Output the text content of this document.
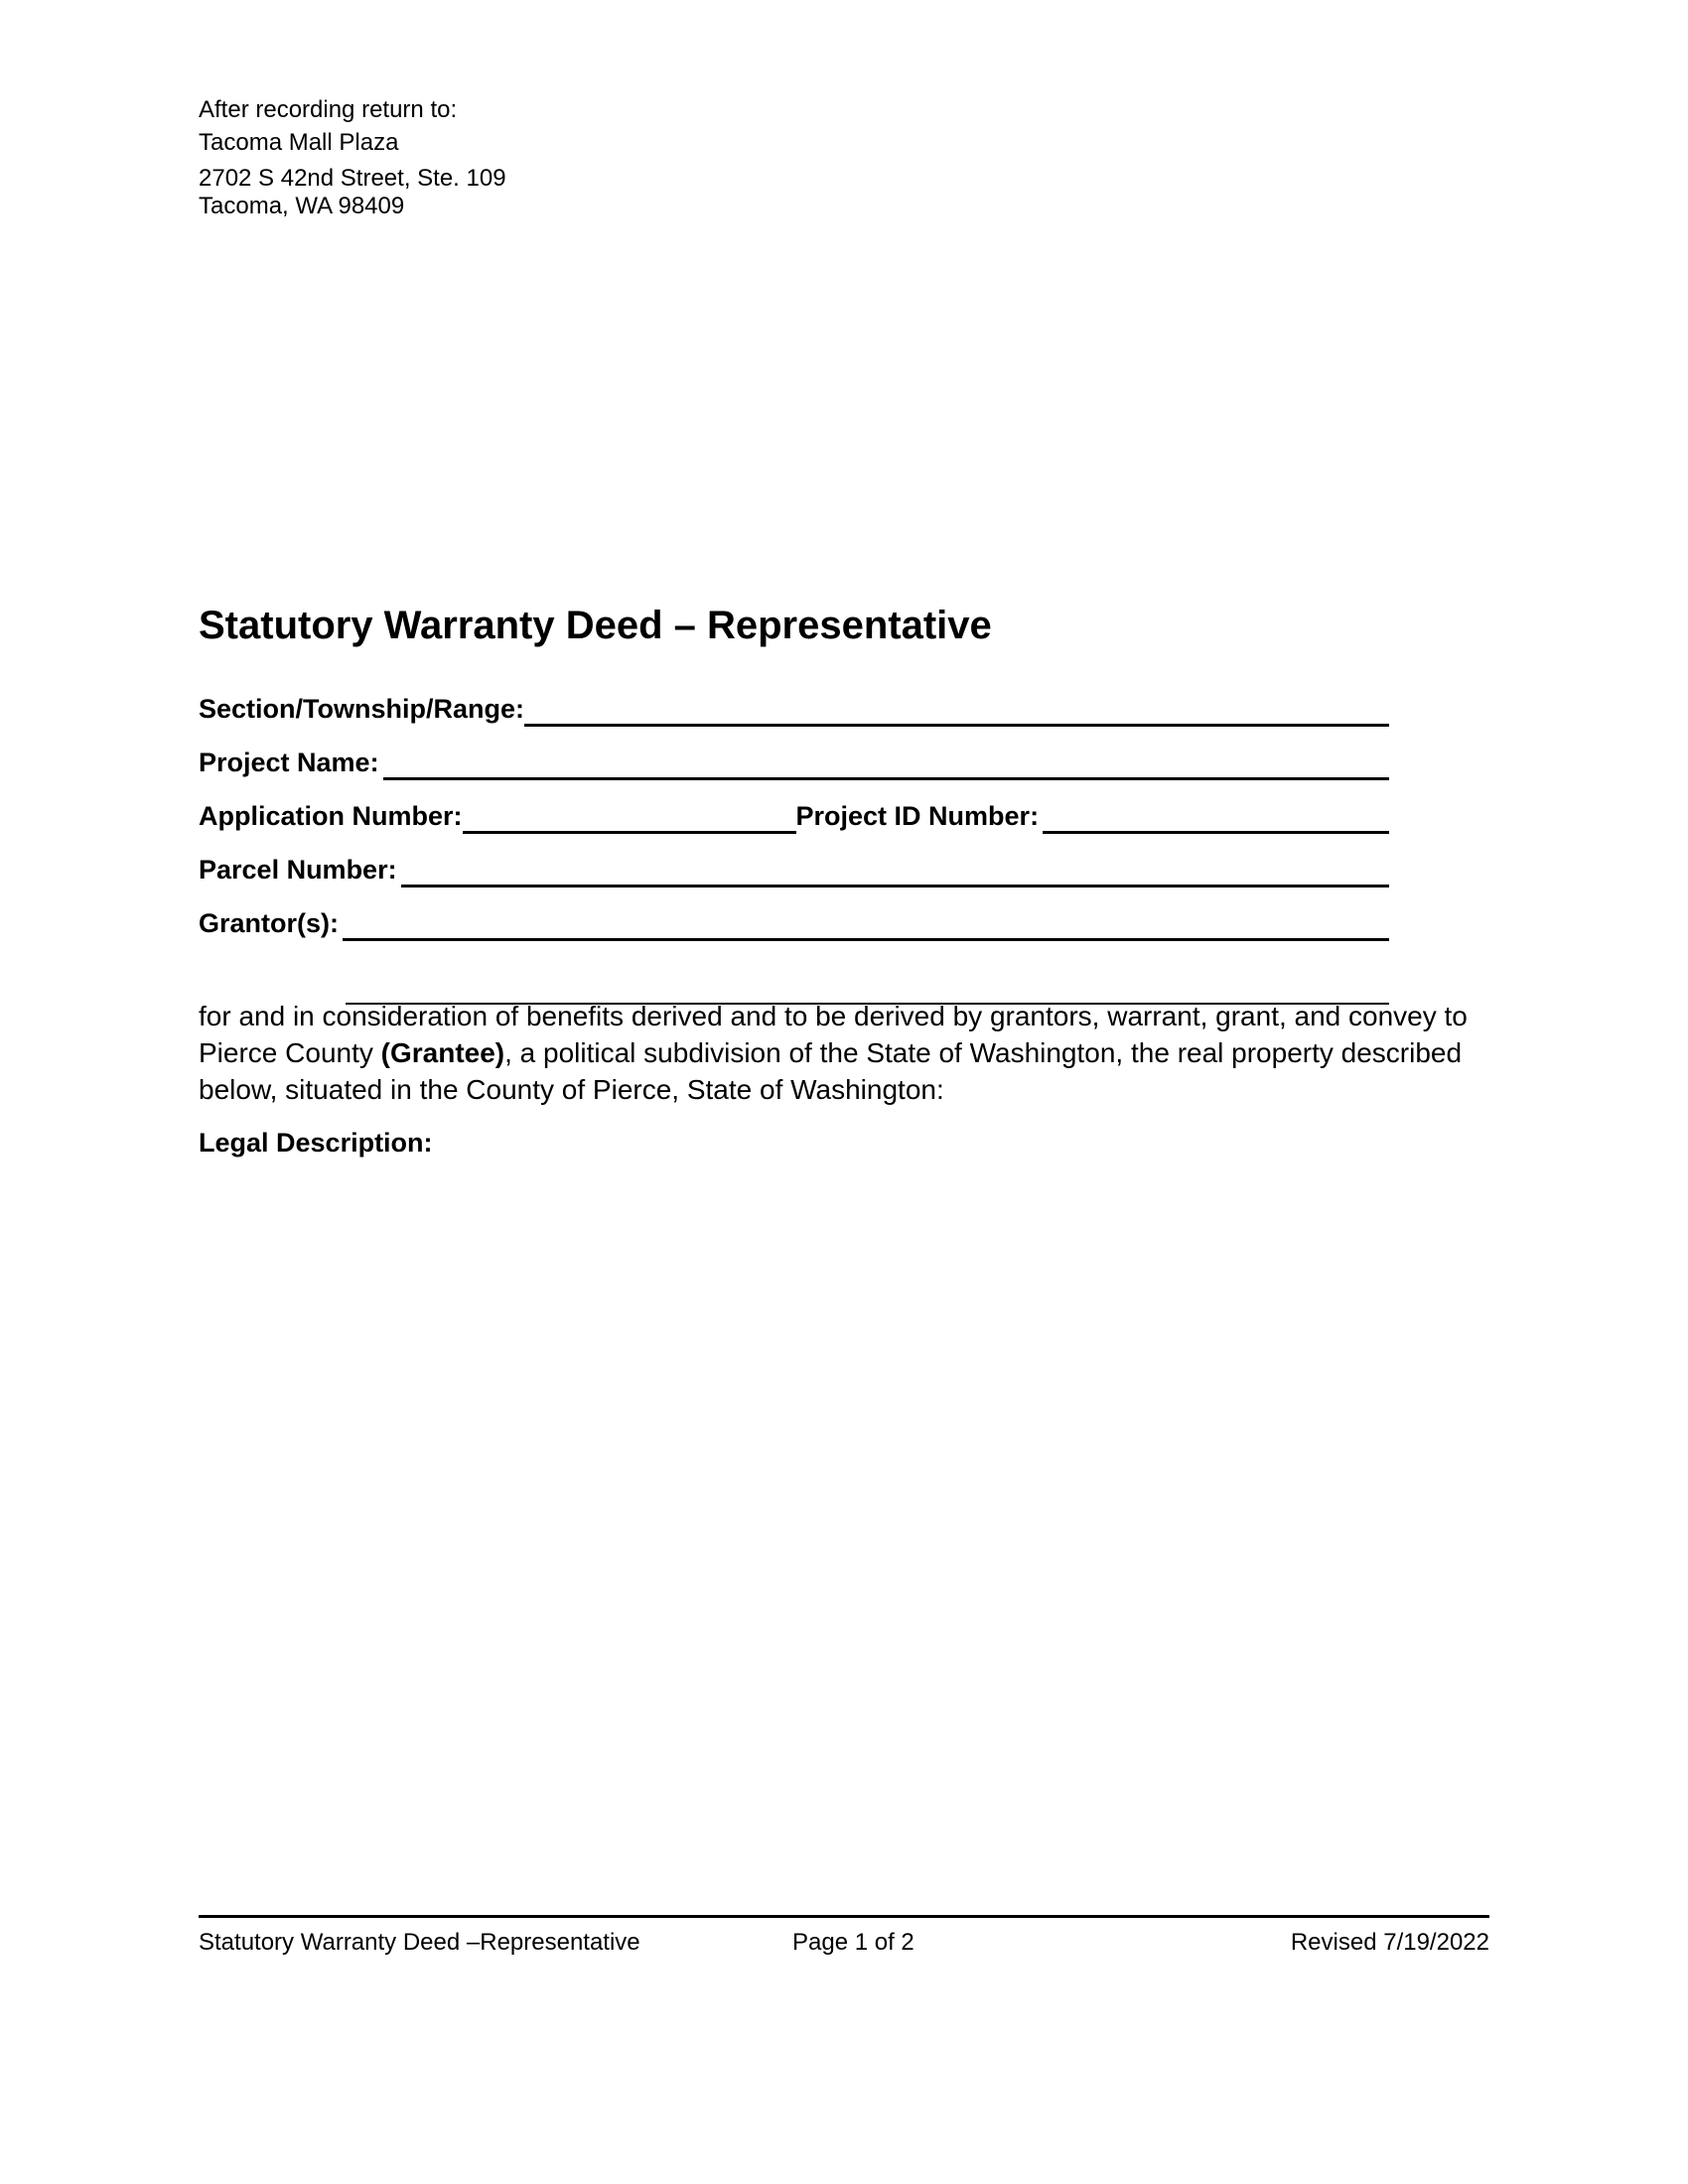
After recording return to:
Tacoma Mall Plaza
2702 S 42nd Street, Ste. 109
Tacoma, WA 98409
Statutory Warranty Deed – Representative
Section/Township/Range:
Project Name:
Application Number:	Project ID Number:
Parcel Number:
Grantor(s):
for and in consideration of benefits derived and to be derived by grantors, warrant, grant, and convey to Pierce County (Grantee), a political subdivision of the State of Washington, the real property described below, situated in the County of Pierce, State of Washington:
Legal Description:
Statutory Warranty Deed –Representative	Page 1 of 2	Revised 7/19/2022
